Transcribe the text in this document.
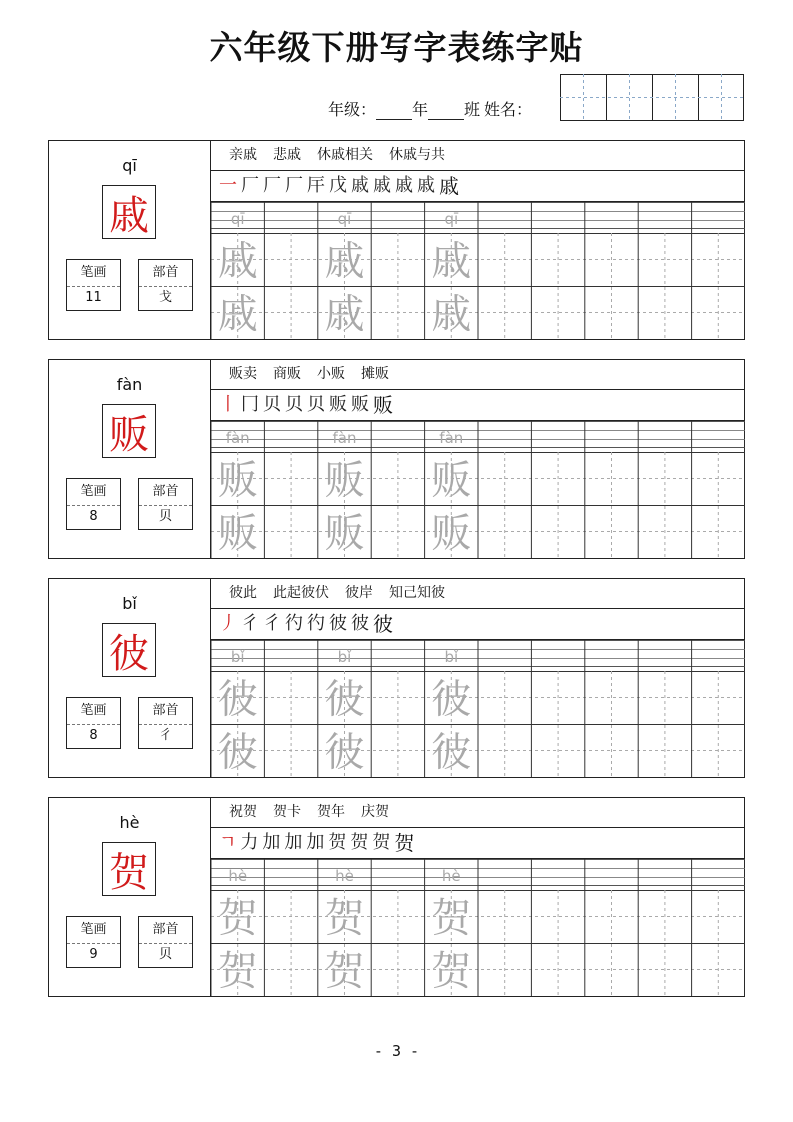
六年级下册写字表练字贴
年级： 年 班 姓名：
qī
戚
笔画
11
部首
戈
亲戚 悲戚 休戚相关 休戚与共
一 厂 厂 厂 厈 戊 戚 戚 戚 戚 戚
qī
戚
戚
qī
戚
戚
qī
戚
戚
fàn
贩
笔画
8
部首
贝
贩卖 商贩 小贩 摊贩
丨 冂 贝 贝 贝 贩 贩 贩
fàn
贩
贩
fàn
贩
贩
fàn
贩
贩
bǐ
彼
笔画
8
部首
彳
彼此 此起彼伏 彼岸 知己知彼
丿 彳 彳 彴 彴 彼 彼 彼
bǐ
彼
彼
bǐ
彼
彼
bǐ
彼
彼
hè
贺
笔画
9
部首
贝
祝贺 贺卡 贺年 庆贺
ㄱ 力 加 加 加 贺 贺 贺 贺
hè
贺
贺
hè
贺
贺
hè
贺
贺
- 3 -
